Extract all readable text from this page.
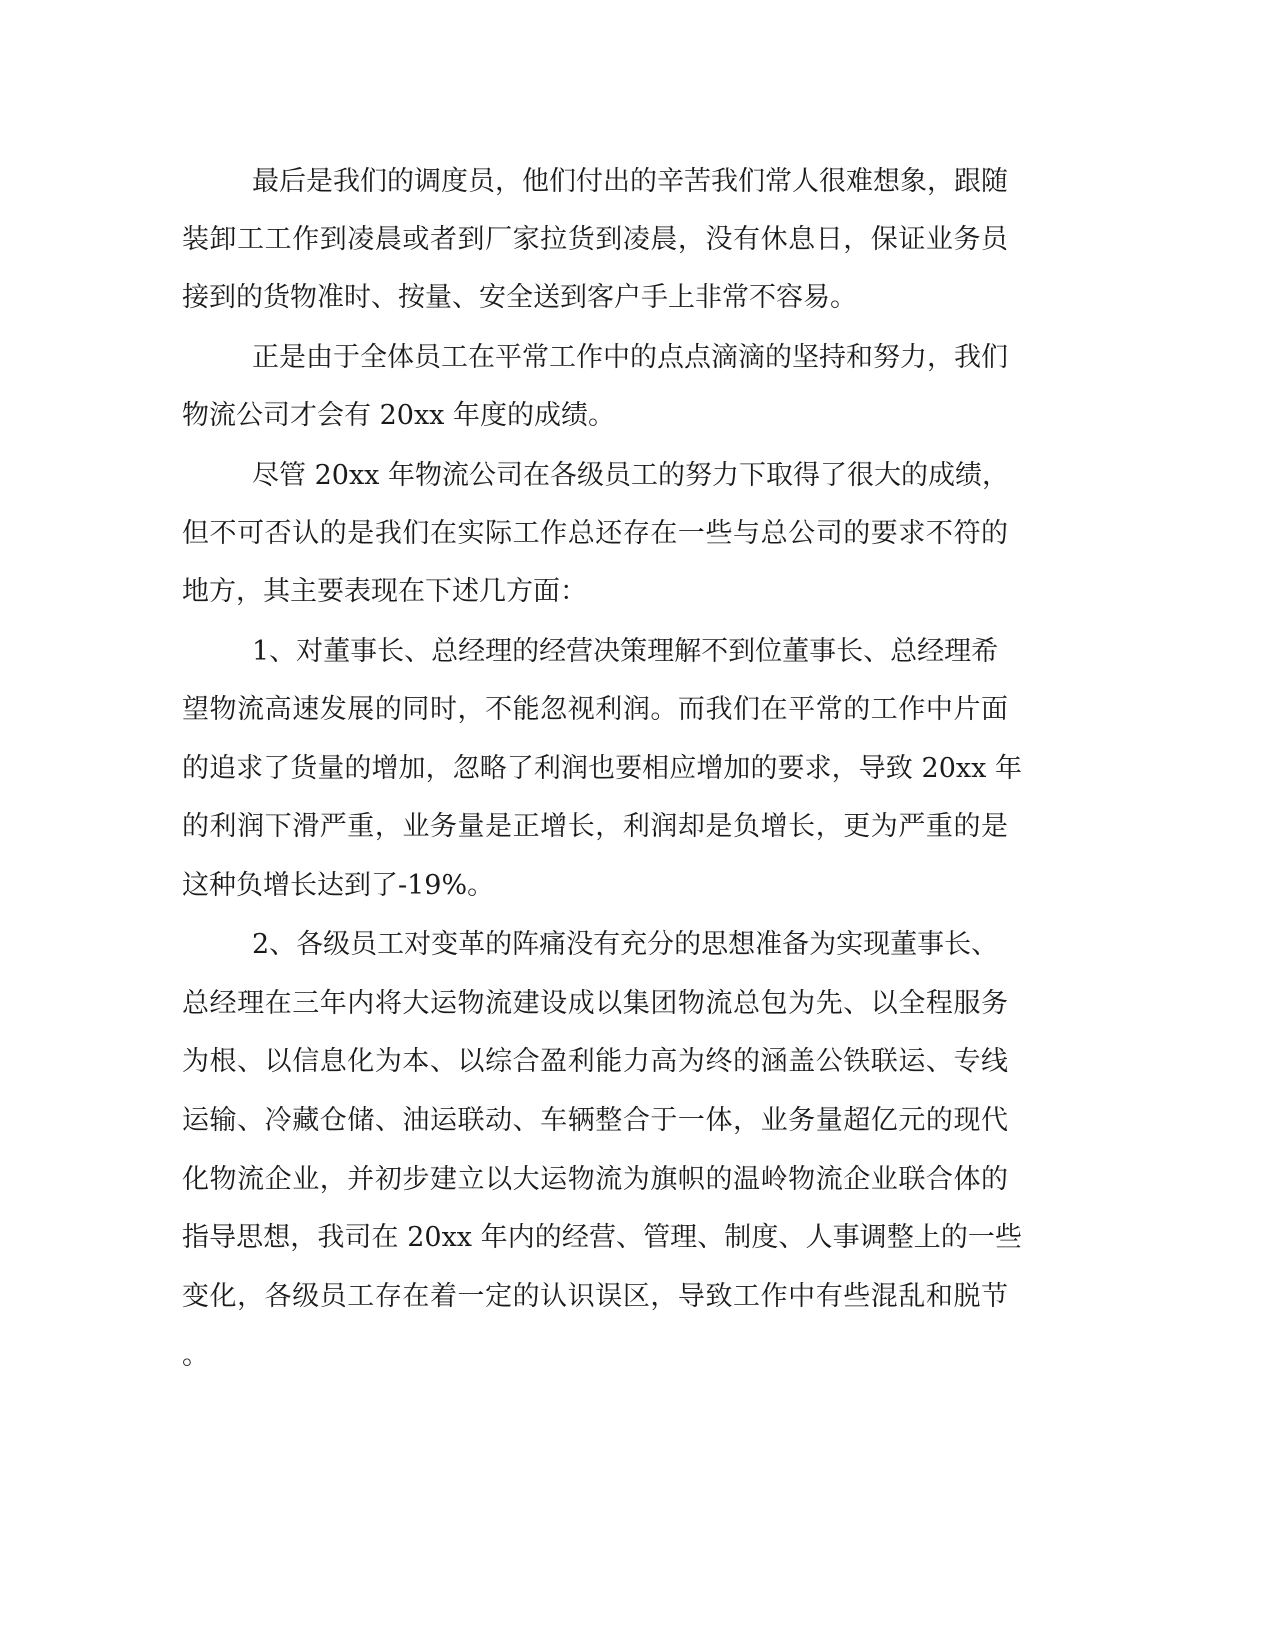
最后是我们的调度员，他们付出的辛苦我们常人很难想象，跟随
装卸工工作到凌晨或者到厂家拉货到凌晨，没有休息日，保证业务员
接到的货物准时、按量、安全送到客户手上非常不容易。
正是由于全体员工在平常工作中的点点滴滴的坚持和努力，我们
物流公司才会有 20xx 年度的成绩。
尽管 20xx 年物流公司在各级员工的努力下取得了很大的成绩，
但不可否认的是我们在实际工作总还存在一些与总公司的要求不符的
地方，其主要表现在下述几方面：
1、对董事长、总经理的经营决策理解不到位董事长、总经理希
望物流高速发展的同时，不能忽视利润。而我们在平常的工作中片面
的追求了货量的增加，忽略了利润也要相应增加的要求，导致 20xx 年
的利润下滑严重，业务量是正增长，利润却是负增长，更为严重的是
这种负增长达到了-19%。
2、各级员工对变革的阵痛没有充分的思想准备为实现董事长、
总经理在三年内将大运物流建设成以集团物流总包为先、以全程服务
为根、以信息化为本、以综合盈利能力高为终的涵盖公铁联运、专线
运输、冷藏仓储、油运联动、车辆整合于一体，业务量超亿元的现代
化物流企业，并初步建立以大运物流为旗帜的温岭物流企业联合体的
指导思想，我司在 20xx 年内的经营、管理、制度、人事调整上的一些
变化，各级员工存在着一定的认识误区，导致工作中有些混乱和脱节
。
